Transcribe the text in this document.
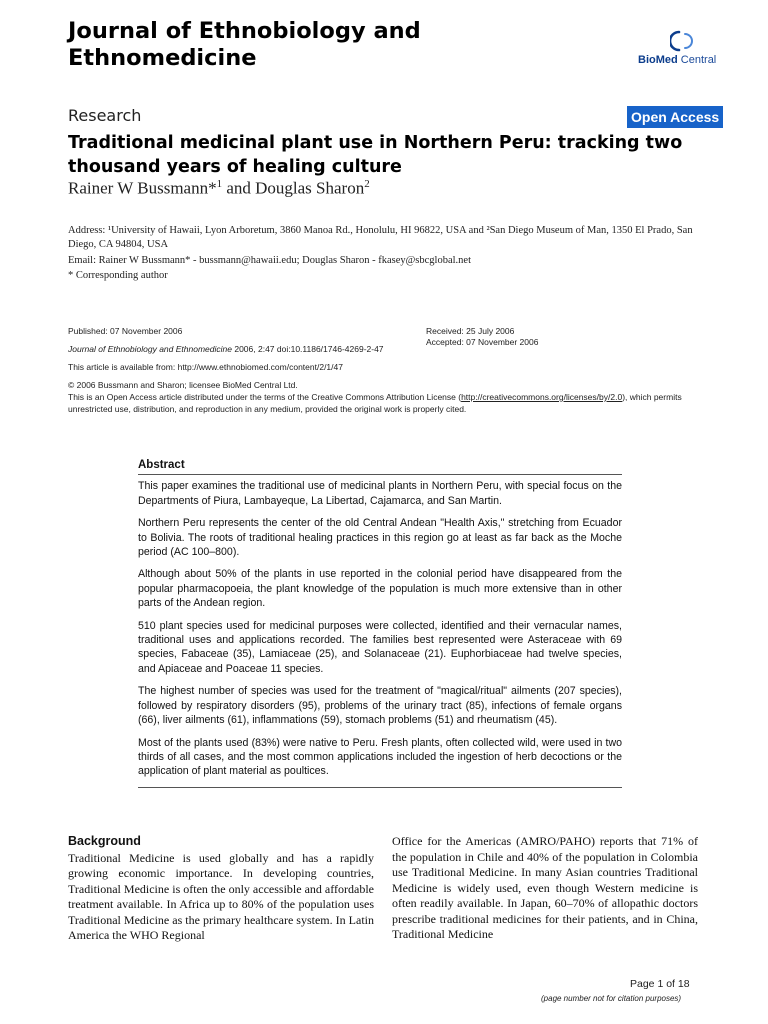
Journal of Ethnobiology and
Ethnomedicine	BioMed Central
Research	Open Access
Traditional medicinal plant use in Northern Peru: tracking two thousand years of healing culture
Rainer W Bussmann*$^1$ and Douglas Sharon$^2$
Address: ¹University of Hawaii, Lyon Arboretum, 3860 Manoa Rd., Honolulu, HI 96822, USA and ²San Diego Museum of Man, 1350 El Prado, San Diego, CA 94804, USA
Email: Rainer W Bussmann* - bussmann@hawaii.edu; Douglas Sharon - fkasey@sbcglobal.net
* Corresponding author
Published: 07 November 2006
Journal of Ethnobiology and Ethnomedicine 2006, 2:47 doi:10.1186/1746-4269-2-47
Received: 25 July 2006
Accepted: 07 November 2006
This article is available from: http://www.ethnobiomed.com/content/2/1/47
© 2006 Bussmann and Sharon; licensee BioMed Central Ltd.
This is an Open Access article distributed under the terms of the Creative Commons Attribution License (http://creativecommons.org/licenses/by/2.0), which permits unrestricted use, distribution, and reproduction in any medium, provided the original work is properly cited.
Abstract

This paper examines the traditional use of medicinal plants in Northern Peru, with special focus on the Departments of Piura, Lambayeque, La Libertad, Cajamarca, and San Martin.

Northern Peru represents the center of the old Central Andean "Health Axis," stretching from Ecuador to Bolivia. The roots of traditional healing practices in this region go at least as far back as the Moche period (AC 100–800).

Although about 50% of the plants in use reported in the colonial period have disappeared from the popular pharmacopoeia, the plant knowledge of the population is much more extensive than in other parts of the Andean region.

510 plant species used for medicinal purposes were collected, identified and their vernacular names, traditional uses and applications recorded. The families best represented were Asteraceae with 69 species, Fabaceae (35), Lamiaceae (25), and Solanaceae (21). Euphorbiaceae had twelve species, and Apiaceae and Poaceae 11 species.

The highest number of species was used for the treatment of "magical/ritual" ailments (207 species), followed by respiratory disorders (95), problems of the urinary tract (85), infections of female organs (66), liver ailments (61), inflammations (59), stomach problems (51) and rheumatism (45).

Most of the plants used (83%) were native to Peru. Fresh plants, often collected wild, were used in two thirds of all cases, and the most common applications included the ingestion of herb decoctions or the application of plant material as poultices.

Background
Traditional Medicine is used globally and has a rapidly growing economic importance. In developing countries, Traditional Medicine is often the only accessible and affordable treatment available. In Africa up to 80% of the population uses Traditional Medicine as the primary healthcare system. In Latin America the WHO Regional
Office for the Americas (AMRO/PAHO) reports that 71% of the population in Chile and 40% of the population in Colombia use Traditional Medicine. In many Asian countries Traditional Medicine is widely used, even though Western medicine is often readily available. In Japan, 60–70% of allopathic doctors prescribe traditional medicines for their patients, and in China, Traditional Medicine
Page 1 of 18
(page number not for citation purposes)
